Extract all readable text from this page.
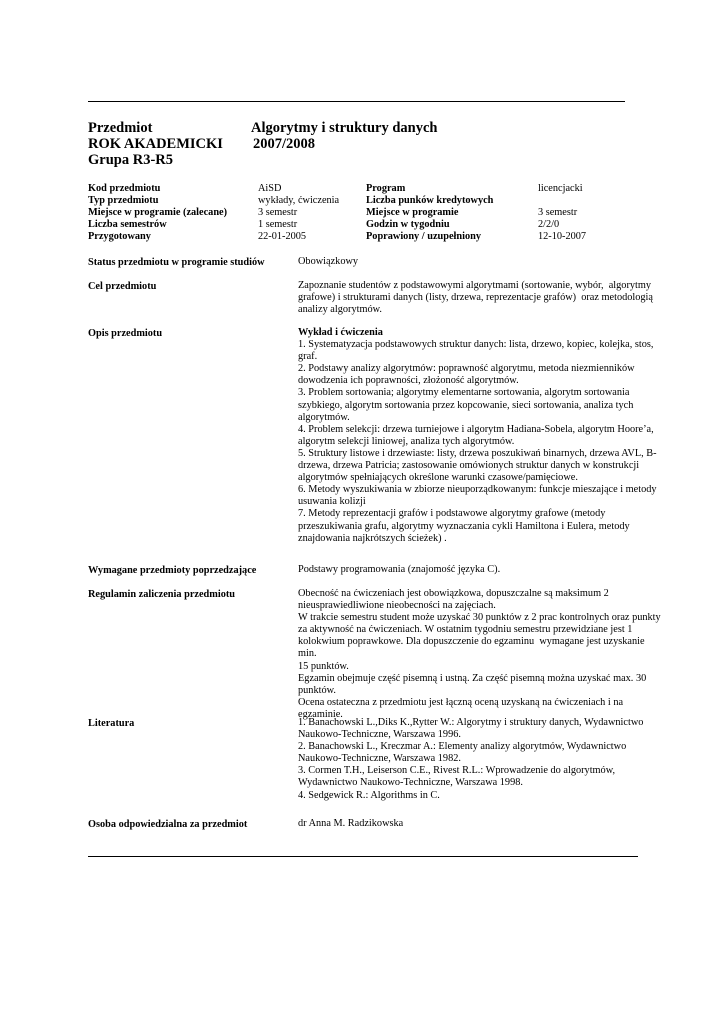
Przedmiot	Algorytmy i struktury danych
ROK AKADEMICKI 2007/2008
Grupa R3-R5
Kod przedmiotu	AiSD	Program	licencjacki
Typ przedmiotu	wykłady, ćwiczenia	Liczba punków kredytowych
Miejsce w programie (zalecane)	3 semestr	Miejsce w programie	3 semestr
Liczba semestrów	1 semestr	Godzin w tygodniu	2/2/0
Przygotowany	22-01-2005	Poprawiony / uzupełniony	12-10-2007
Status przedmiotu w programie studiów	Obowiązkowy
Cel przedmiotu	Zapoznanie studentów z podstawowymi algorytmami (sortowanie, wybór,  algorytmy
grafowe) i strukturami danych (listy, drzewa, reprezentacje grafów)  oraz metodologią
analizy algorytmów.
Opis przedmiotu	Wykład i ćwiczenia
1. Systematyzacja podstawowych struktur danych: lista, drzewo, kopiec, kolejka, stos,
graf.
2. Podstawy analizy algorytmów: poprawność algorytmu, metoda niezmienników
dowodzenia ich poprawności, złożoność algorytmów.
3. Problem sortowania; algorytmy elementarne sortowania, algorytm sortowania
szybkiego, algorytm sortowania przez kopcowanie, sieci sortowania, analiza tych
algorytmów.
4. Problem selekcji: drzewa turniejowe i algorytm Hadiana-Sobela, algorytm Hoore’a,
algorytm selekcji liniowej, analiza tych algorytmów.
5. Struktury listowe i drzewiaste: listy, drzewa poszukiwań binarnych, drzewa AVL, B-
drzewa, drzewa Patricia; zastosowanie omówionych struktur danych w konstrukcji
algorytmów spełniających określone warunki czasowe/pamięciowe.
6. Metody wyszukiwania w zbiorze nieuporządkowanym: funkcje mieszające i metody
usuwania kolizji
7. Metody reprezentacji grafów i podstawowe algorytmy grafowe (metody
przeszukiwania grafu, algorytmy wyznaczania cykli Hamiltona i Eulera, metody
znajdowania najkrótszych ścieżek) .
Wymagane przedmioty poprzedzające	Podstawy programowania (znajomość języka C).
Regulamin zaliczenia przedmiotu	Obecność na ćwiczeniach jest obowiązkowa, dopuszczalne są maksimum 2
nieusprawiedliwione nieobecności na zajęciach.
W trakcie semestru student może uzyskać 30 punktów z 2 prac kontrolnych oraz punkty
za aktywność na ćwiczeniach. W ostatnim tygodniu semestru przewidziane jest 1
kolokwium poprawkowe. Dla dopuszczenie do egzaminu  wymagane jest uzyskanie min.
15 punktów.
Egzamin obejmuje część pisemną i ustną. Za część pisemną można uzyskać max. 30
punktów.
Ocena ostateczna z przedmiotu jest łączną oceną uzyskaną na ćwiczeniach i na
egzaminie.
Literatura	1. Banachowski L.,Diks K.,Rytter W.: Algorytmy i struktury danych, Wydawnictwo
Naukowo-Techniczne, Warszawa 1996.
2. Banachowski L., Kreczmar A.: Elementy analizy algorytmów, Wydawnictwo
Naukowo-Techniczne, Warszawa 1982.
3. Cormen T.H., Leiserson C.E., Rivest R.L.: Wprowadzenie do algorytmów,
Wydawnictwo Naukowo-Techniczne, Warszawa 1998.
4. Sedgewick R.: Algorithms in C.
Osoba odpowiedzialna za przedmiot	dr Anna M. Radzikowska
